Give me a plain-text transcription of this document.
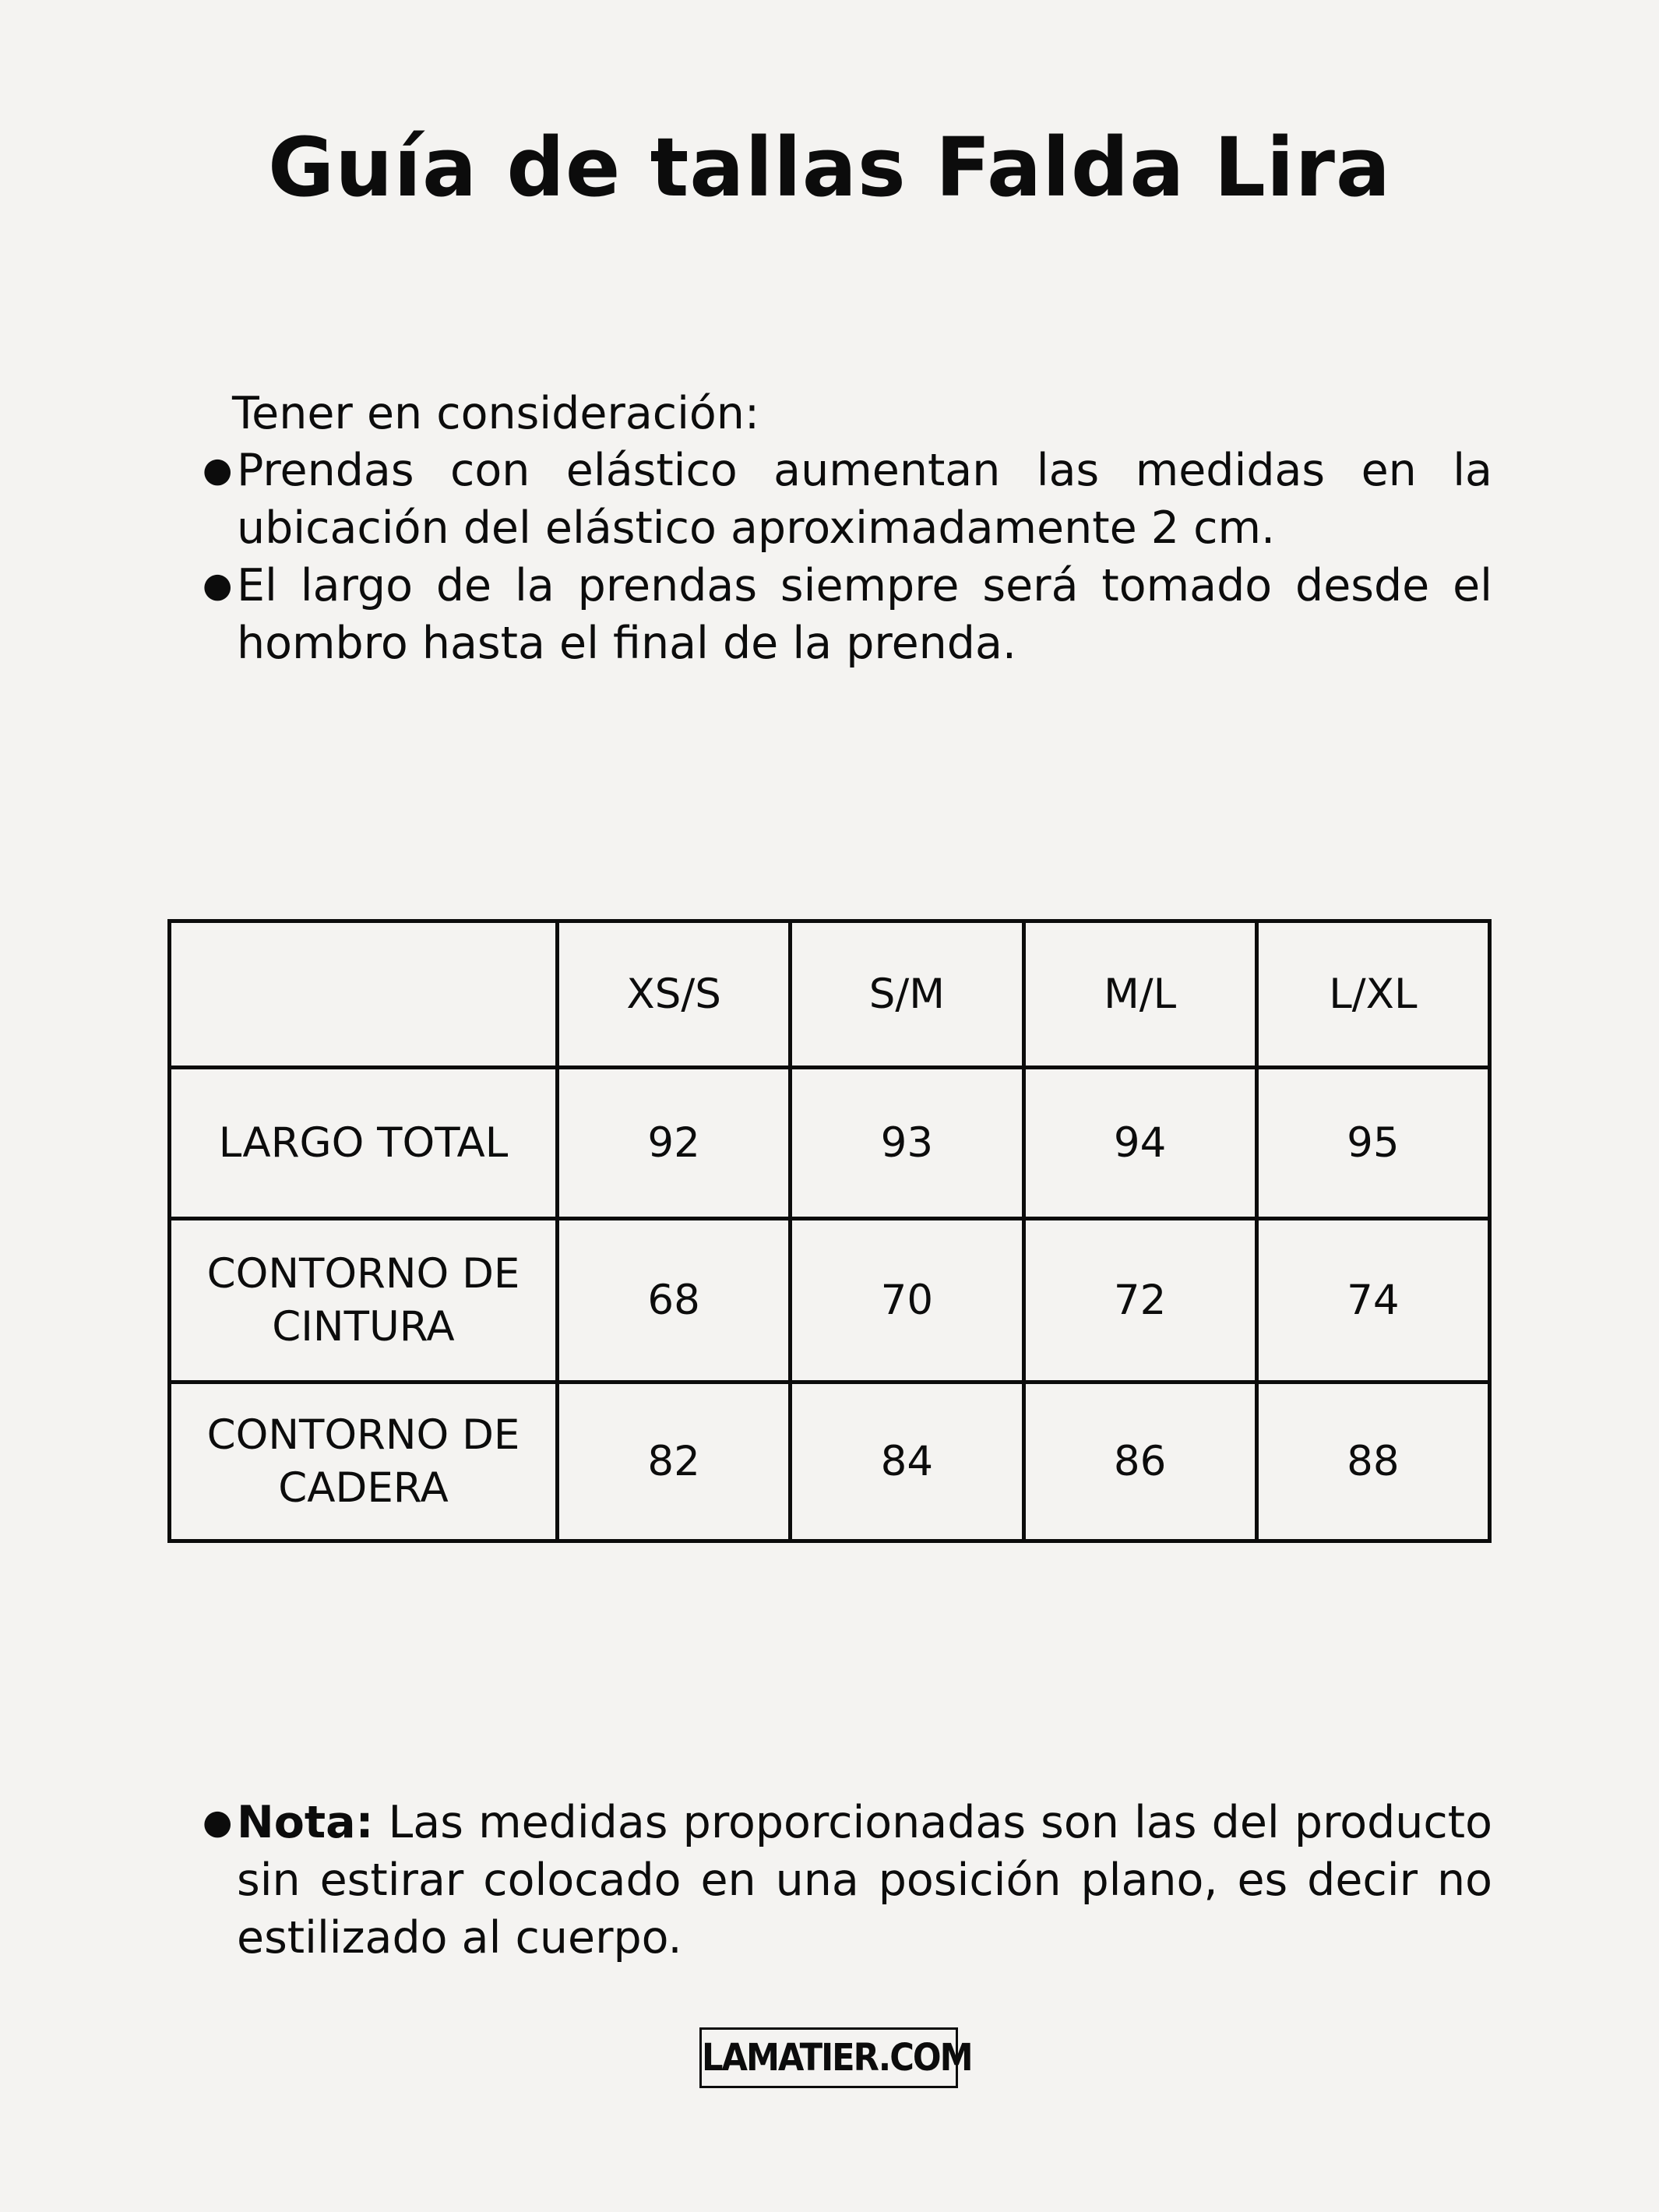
Guía de tallas Falda Lira

Tener en consideración:

● Prendas con elástico aumentan las medidas en la ubicación del elástico aproximadamente 2 cm.
● El largo de la prendas siempre será tomado desde el hombro hasta el final de la prenda.
	XS/S	S/M	M/L	L/XL
LARGO TOTAL	92	93	94	95
CONTORNO DE CINTURA	68	70	72	74
CONTORNO DE CADERA	82	84	86	88
● Nota: Las medidas proporcionadas son las del producto sin estirar colocado en una posición plano, es decir no estilizado al cuerpo.
LAMATIER.COM
